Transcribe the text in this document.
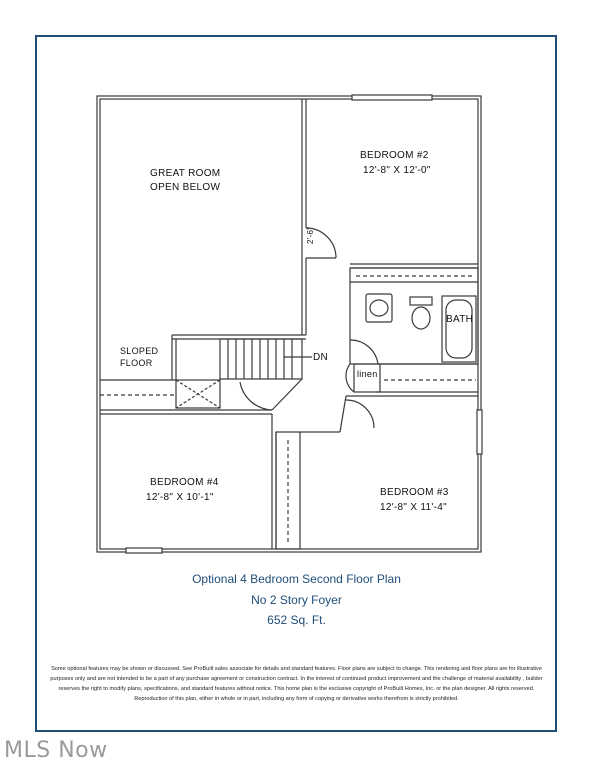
GREAT ROOM
OPEN BELOW
BEDROOM #2
12'-8" X 12'-0"
BEDROOM #4
12'-8" X 10'-1"	BEDROOM #3
12'-8" X 11'-4"
BATH
linen
SLOPED
FLOOR	DN
2'-6"
Optional 4 Bedroom Second Floor Plan
No 2 Story Foyer
652 Sq. Ft.
Some optional features may be shown or discussed. See ProBuilt sales associate for details and standard features. Floor plans are subject to change. This rendering and floor plans are for illustrative purposes only and are not intended to be a part of any purchase agreement or construction contract. In the interest of continued product improvement and the challenge of material availability , builder reserves the right to modify plans, specifications, and standard features without notice. This home plan is the exclusive copyright of ProBuilt Homes, Inc. or the plan designer. All rights reserved. Reproduction of this plan, either in whole or in part, including any form of copying or derivative works therefrom is strictly prohibited.
MLS Now
